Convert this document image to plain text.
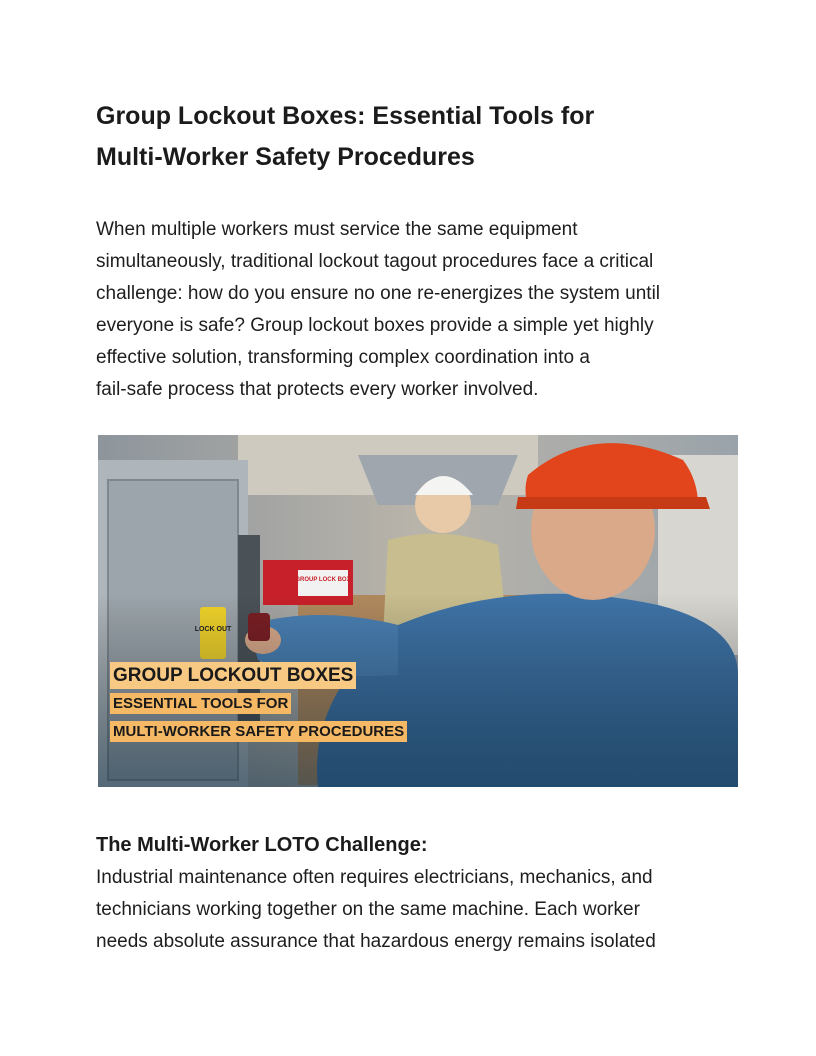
Group Lockout Boxes: Essential Tools for
Multi-Worker Safety Procedures

When multiple workers must service the same equipment
simultaneously, traditional lockout tagout procedures face a critical
challenge: how do you ensure no one re-energizes the system until
everyone is safe? Group lockout boxes provide a simple yet highly
effective solution, transforming complex coordination into a
fail-safe process that protects every worker involved.

GROUP LOCKOUT BOXES
ESSENTIAL TOOLS FOR
MULTI-WORKER SAFETY PROCEDURES
The Multi-Worker LOTO Challenge:

Industrial maintenance often requires electricians, mechanics, and
technicians working together on the same machine. Each worker
needs absolute assurance that hazardous energy remains isolated
